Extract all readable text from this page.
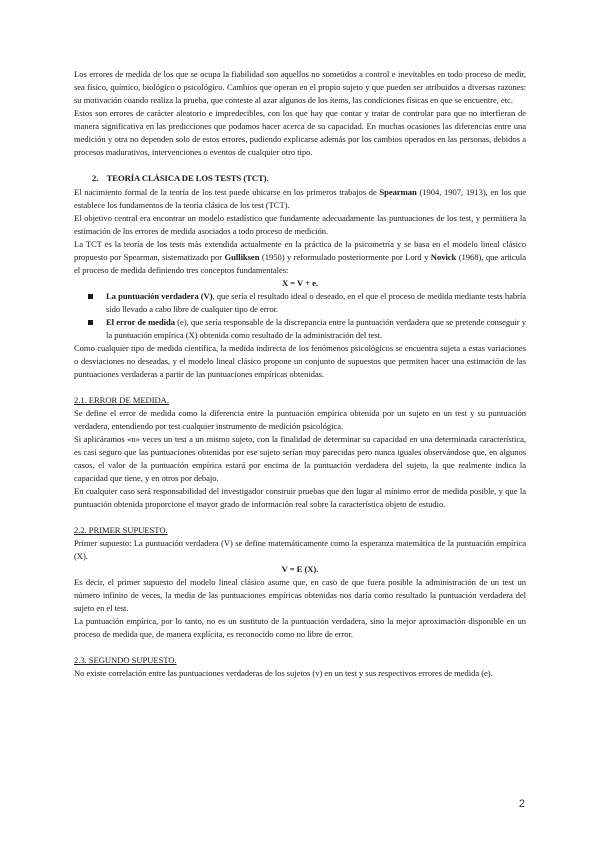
Los errores de medida de los que se ocupa la fiabilidad son aquellos no sometidos a control e inevitables en todo proceso de medir, sea físico, químico, biológico o psicológico. Cambios que operan en el propio sujeto y que pueden ser atribuidos a diversas razones: su motivación cuando realiza la prueba, que conteste al azar algunos de los ítems, las condiciones físicas en que se encuentre, etc.

Estos son errores de carácter aleatorio e impredecibles, con los que hay que contar y tratar de controlar para que no interfieran de manera significativa en las predicciones que podamos hacer acerca de su capacidad. En muchas ocasiones las diferencias entre una medición y otra no dependen solo de estos errores, pudiendo explicarse además por los cambios operados en las personas, debidos a procesos madurativos, intervenciones o eventos de cualquier otro tipo.

2. TEORÍA CLÁSICA DE LOS TESTS (TCT).

El nacimiento formal de la teoría de los test puede ubicarse en los primeros trabajos de Spearman (1904, 1907, 1913), en los que establece los fundamentos de la teoría clásica de los test (TCT).

El objetivo central era encontrar un modelo estadístico que fundamente adecuadamente las puntuaciones de los test, y permitiera la estimación de los errores de medida asociados a todo proceso de medición.

La TCT es la teoría de los tests más extendida actualmente en la práctica de la psicometría y se basa en el modelo lineal clásico propuesto por Spearman, sistematizado por Gulliksen (1950) y reformulado posteriormente por Lord y Novick (1968), que articula el proceso de medida definiendo tres conceptos fundamentales:

X = V + e.
La puntuación verdadera (V), que sería el resultado ideal o deseado, en el que el proceso de medida mediante tests habría sido llevado a cabo libre de cualquier tipo de error.
El error de medida (e), que sería responsable de la discrepancia entre la puntuación verdadera que se pretende conseguir y la puntuación empírica (X) obtenida como resultado de la administración del test.

Como cualquier tipo de medida científica, la medida indirecta de los fenómenos psicológicos se encuentra sujeta a estas variaciones o desviaciones no deseadas, y el modelo lineal clásico propone un conjunto de supuestos que permiten hacer una estimación de las puntuaciones verdaderas a partir de las puntuaciones empíricas obtenidas.

2.1. ERROR DE MEDIDA.

Se define el error de medida como la diferencia entre la puntuación empírica obtenida por un sujeto en un test y su puntuación verdadera, entendiendo por test cualquier instrumento de medición psicológica.

Si aplicáramos «n» veces un test a un mismo sujeto, con la finalidad de determinar su capacidad en una determinada característica, es casi seguro que las puntuaciones obtenidas por ese sujeto serían muy parecidas pero nunca iguales observándose que, en algunos casos, el valor de la puntuación empírica estará por encima de la puntuación verdadera del sujeto, la que realmente indica la capacidad que tiene, y en otros por debajo.

En cualquier caso será responsabilidad del investigador construir pruebas que den lugar al mínimo error de medida posible, y que la puntuación obtenida proporcione el mayor grado de información real sobre la característica objeto de estudio.

2.2. PRIMER SUPUESTO.

Primer supuesto: La puntuación verdadera (V) se define matemáticamente como la esperanza matemática de la puntuación empírica (X).

V = E (X).

Es decir, el primer supuesto del modelo lineal clásico asume que, en caso de que fuera posible la administración de un test un número infinito de veces, la media de las puntuaciones empíricas obtenidas nos daría como resultado la puntuación verdadera del sujeto en el test.

La puntuación empírica, por lo tanto, no es un sustituto de la puntuación verdadera, sino la mejor aproximación disponible en un proceso de medida que, de manera explícita, es reconocido como no libre de error.

2.3. SEGUNDO SUPUESTO.

No existe correlación entre las puntuaciones verdaderas de los sujetos (v) en un test y sus respectivos errores de medida (e).

2
